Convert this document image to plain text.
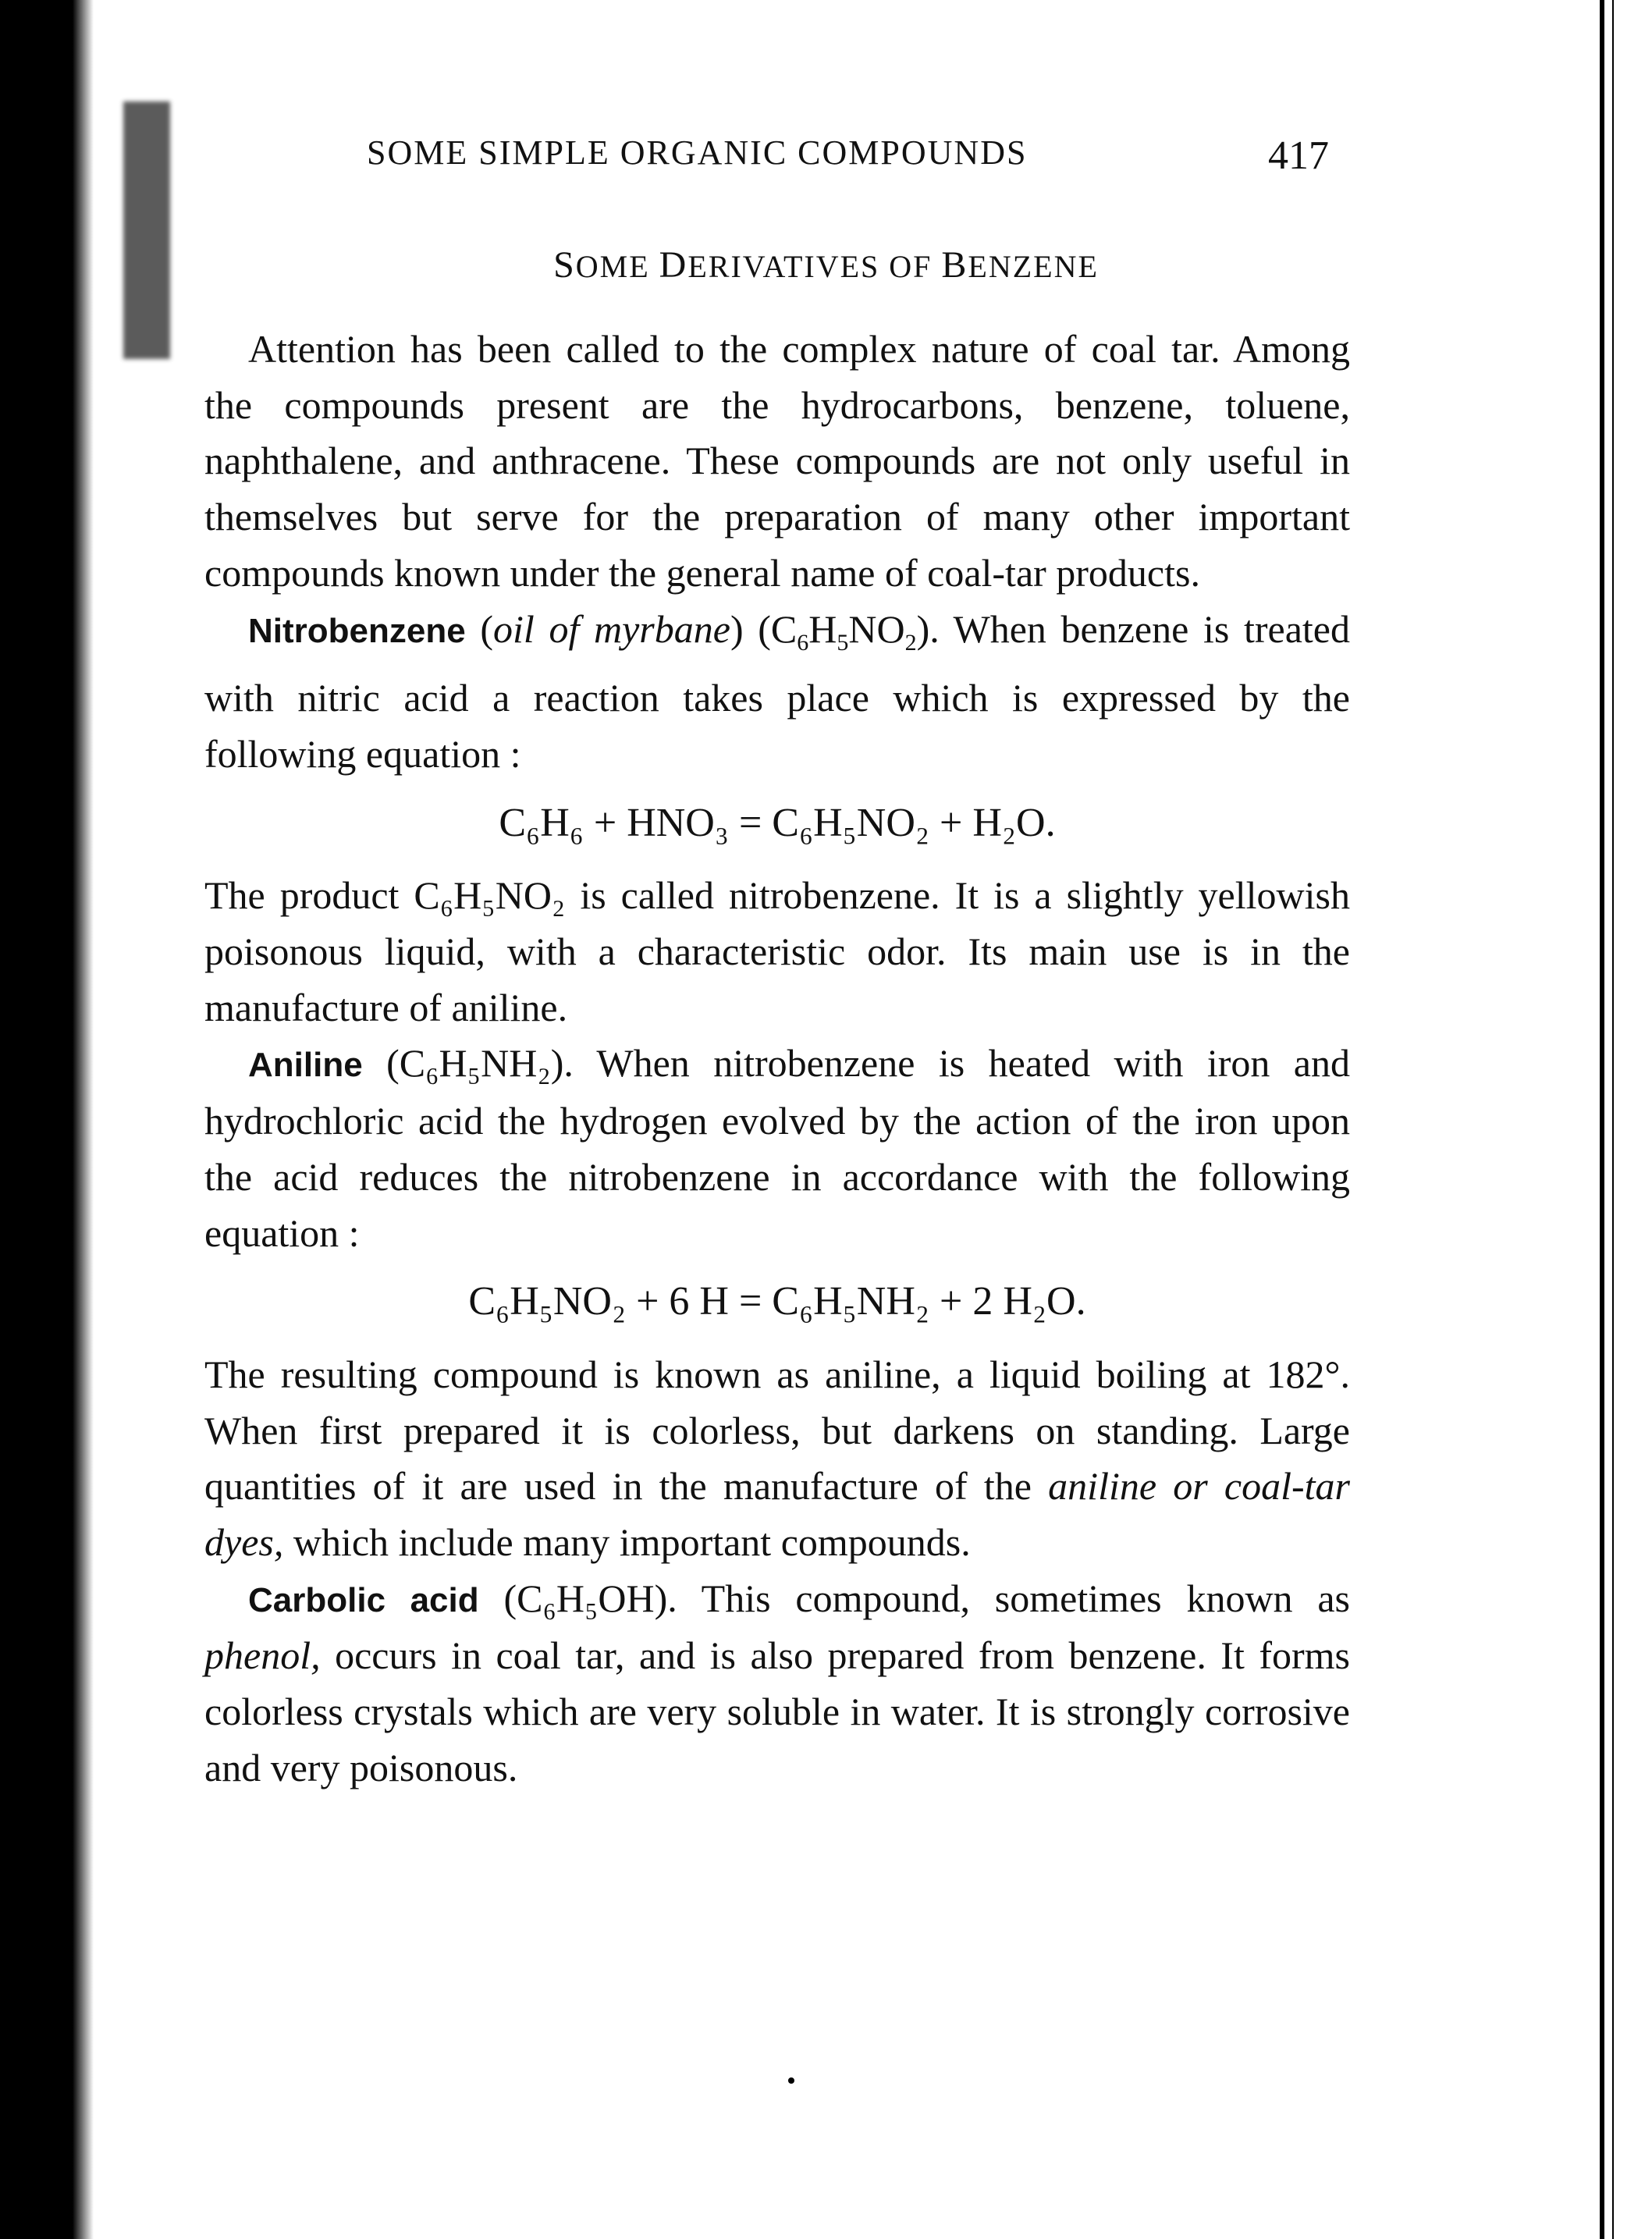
SOME SIMPLE ORGANIC COMPOUNDS	417
SOME DERIVATIVES OF BENZENE

Attention has been called to the complex nature of coal tar. Among the compounds present are the hydrocarbons, benzene, toluene, naphthalene, and anthracene. These compounds are not only useful in themselves but serve for the preparation of many other important compounds known under the general name of coal-tar products.

Nitrobenzene (oil of myrbane) $(C_6H_5NO_2)$. When benzene is treated with nitric acid a reaction takes place which is expressed by the following equation :

C₆H₆ + HNO₃ = C₆H₅NO₂ + H₂O.

The product C₆H₅NO₂ is called nitrobenzene. It is a slightly yellowish poisonous liquid, with a characteristic odor. Its main use is in the manufacture of aniline.

Aniline (C₆H₅NH₂). When nitrobenzene is heated with iron and hydrochloric acid the hydrogen evolved by the action of the iron upon the acid reduces the nitrobenzene in accordance with the following equation :

C₆H₅NO₂ + 6 H = C₆H₅NH₂ + 2 H₂O.

The resulting compound is known as aniline, a liquid boiling at 182°. When first prepared it is colorless, but darkens on standing. Large quantities of it are used in the manufacture of the aniline or coal-tar dyes, which include many important compounds.

Carbolic acid (C₆H₅OH). This compound, sometimes known as phenol, occurs in coal tar, and is also prepared from benzene. It forms colorless crystals which are very soluble in water. It is strongly corrosive and very poisonous.
